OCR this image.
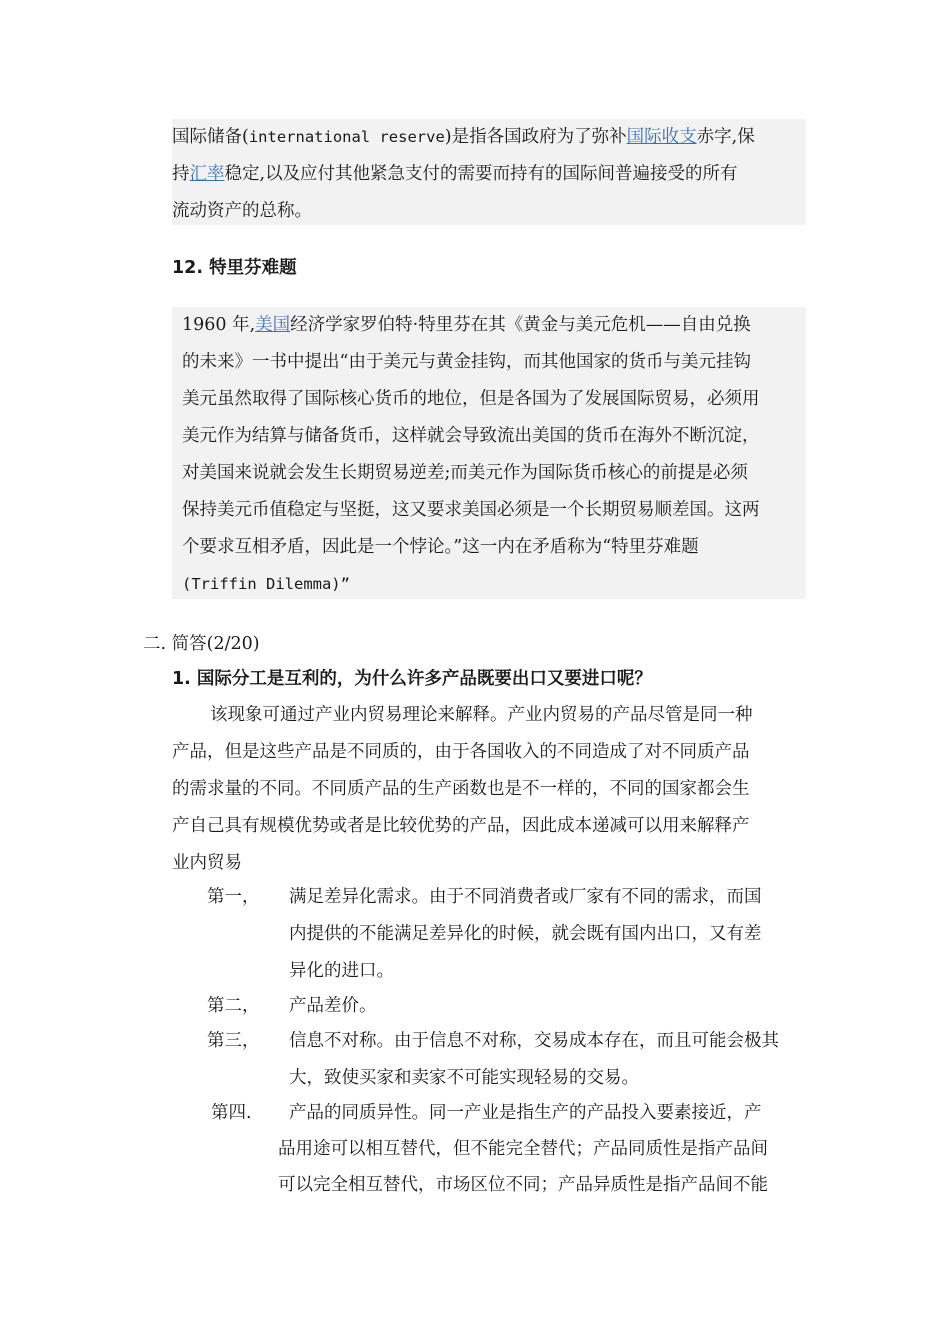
国际储备(international reserve)是指各国政府为了弥补国际收支赤字,保
持汇率稳定,以及应付其他紧急支付的需要而持有的国际间普遍接受的所有
流动资产的总称。
12. 特里芬难题
1960 年,美国经济学家罗伯特·特里芬在其《黄金与美元危机——自由兑换
的未来》一书中提出“由于美元与黄金挂钩，而其他国家的货币与美元挂钩
美元虽然取得了国际核心货币的地位，但是各国为了发展国际贸易，必须用
美元作为结算与储备货币，这样就会导致流出美国的货币在海外不断沉淀，
对美国来说就会发生长期贸易逆差;而美元作为国际货币核心的前提是必须
保持美元币值稳定与坚挺，这又要求美国必须是一个长期贸易顺差国。这两
个要求互相矛盾，因此是一个悖论。”这一内在矛盾称为“特里芬难题
(Triffin Dilemma)”
二. 简答(2/20)
1. 国际分工是互利的，为什么许多产品既要出口又要进口呢？
该现象可通过产业内贸易理论来解释。产业内贸易的产品尽管是同一种
产品，但是这些产品是不同质的，由于各国收入的不同造成了对不同质产品
的需求量的不同。不同质产品的生产函数也是不一样的，不同的国家都会生
产自己具有规模优势或者是比较优势的产品，因此成本递减可以用来解释产
业内贸易
第一， 满足差异化需求。由于不同消费者或厂家有不同的需求，而国
内提供的不能满足差异化的时候，就会既有国内出口，又有差
异化的进口。
第二， 产品差价。
第三， 信息不对称。由于信息不对称，交易成本存在，而且可能会极其
大，致使买家和卖家不可能实现轻易的交易。
第四. 产品的同质异性。同一产业是指生产的产品投入要素接近，产
品用途可以相互替代，但不能完全替代；产品同质性是指产品间
可以完全相互替代，市场区位不同；产品异质性是指产品间不能
